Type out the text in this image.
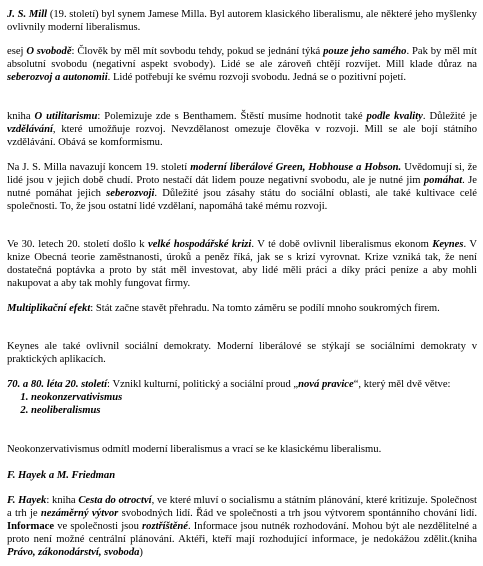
J. S. Mill (19. století) byl synem Jamese Milla. Byl autorem klasického liberalismu, ale některé jeho myšlenky ovlivnily moderní liberalismus.

esej O svobodě: Člověk by měl mít sovbodu tehdy, pokud se jednání týká pouze jeho samého. Pak by měl mít absolutní svobodu (negativní aspekt svobody). Lidé se ale zároveň chtějí rozvíjet. Mill klade důraz na seberozvoj a autonomii. Lidé potřebují ke svému rozvoji svobodu. Jedná se o pozitivní pojetí.

kniha O utilitarismu: Polemizuje zde s Benthamem. Štěstí musíme hodnotit také podle kvality. Důležité je vzdělávání, které umožňuje rozvoj. Nevzdělanost omezuje člověka v rozvoji. Mill se ale bojí státního vzdělávání. Obává se komformismu.

Na J. S. Milla navazují koncem 19. století moderní liberálové Green, Hobhouse a Hobson. Uvědomují si, že lidé jsou v jejich době chudí. Proto nestačí dát lidem pouze negativní svobodu, ale je nutné jim pomáhat. Je nutné pomáhat jejich seberozvoji. Důležité jsou zásahy státu do sociální oblasti, ale také kultivace celé společnosti. To, že jsou ostatní lidé vzdělaní, napomáhá také mému rozvoji.

Ve 30. letech 20. století došlo k velké hospodářské krizi. V té době ovlivnil liberalismus ekonom Keynes. V knize Obecná teorie zaměstnanosti, úroků a peněz říká, jak se s krizí vyrovnat. Krize vzniká tak, že není dostatečná poptávka a proto by stát měl investovat, aby lidé měli práci a díky práci peníze a aby mohli nakupovat a aby tak mohly fungovat firmy.

Multiplikační efekt: Stát začne stavět přehradu. Na tomto záměru se podílí mnoho soukromých firem.

Keynes ale také ovlivnil sociální demokraty. Moderní liberálové se stýkají se sociálními demokraty v praktických aplikacích.

70. a 80. léta 20. století: Vznikl kulturní, politický a sociální proud „nová pravice“, který měl dvě větve:
1. neokonzervativismus
2. neoliberalismus

Neokonzervativismus odmítl moderní liberalismus a vrací se ke klasickému liberalismu.

F. Hayek a M. Friedman

F. Hayek: kniha Cesta do otroctví, ve které mluví o socialismu a státním plánování, které kritizuje. Společnost a trh je nezáměrný výtvor svobodných lidí. Řád ve společnosti a trh jsou výtvorem spontánního chování lidí. Informace ve společnosti jsou roztříštěné. Informace jsou nutnék rozhodování. Mohou být ale nezdělitelné a proto není možné centrální plánování. Aktéři, kteří mají rozhodující informace, je nedokážou zdělit.(kniha Právo, zákonodárství, svoboda)
